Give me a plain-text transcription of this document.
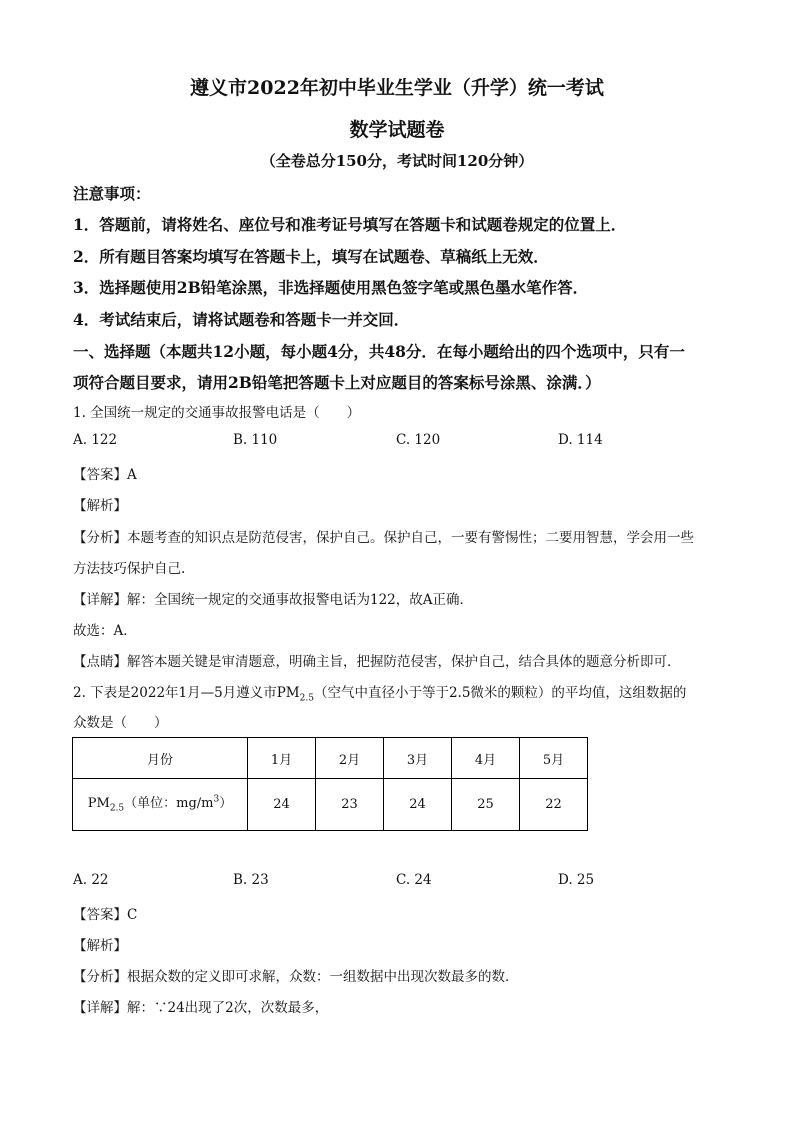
遵义市2022年初中毕业生学业（升学）统一考试
数学试题卷
（全卷总分150分，考试时间120分钟）
注意事项：
1．答题前，请将姓名、座位号和准考证号填写在答题卡和试题卷规定的位置上．
2．所有题目答案均填写在答题卡上，填写在试题卷、草稿纸上无效．
3．选择题使用2B铅笔涂黑，非选择题使用黑色签字笔或黑色墨水笔作答．
4．考试结束后，请将试题卷和答题卡一并交回．
一、选择题（本题共12小题，每小题4分，共48分．在每小题给出的四个选项中，只有一
项符合题目要求，请用2B铅笔把答题卡上对应题目的答案标号涂黑、涂满．）
1. 全国统一规定的交通事故报警电话是（　　）
A. 122	B. 110	C. 120	D. 114
【答案】A
【解析】
【分析】本题考查的知识点是防范侵害，保护自己。保护自己，一要有警惕性；二要用智慧，学会用一些
方法技巧保护自己.
【详解】解：全国统一规定的交通事故报警电话为122，故A正确．
故选：A．
【点睛】解答本题关键是审清题意，明确主旨，把握防范侵害，保护自己，结合具体的题意分析即可．
2. 下表是2022年1月—5月遵义市$PM_{2.5}$（空气中直径小于等于2.5微米的颗粒）的平均值，这组数据的
众数是（　　）
月份	1月	2月	3月	4月	5月
$PM_{2.5}$（单位：$mg/m^3$）	24	23	24	25	22
A. 22	B. 23	C. 24	D. 25
【答案】C
【解析】
【分析】根据众数的定义即可求解，众数：一组数据中出现次数最多的数．
【详解】解：∵24出现了2次，次数最多，
